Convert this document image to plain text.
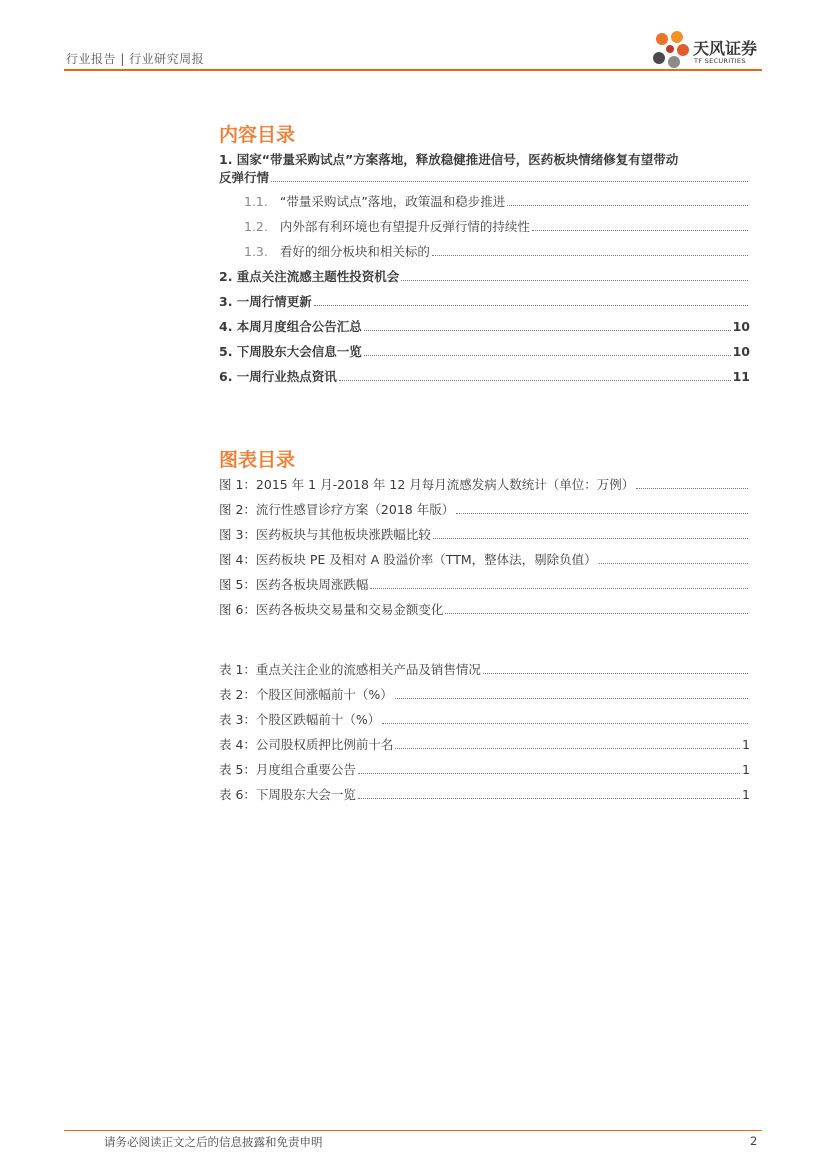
行业报告 | 行业研究周报
天风证券
TF SECURITIES
内容目录
1. 国家“带量采购试点”方案落地，释放稳健推进信号，医药板块情绪修复有望带动
反弹行情
1.1. “带量采购试点”落地，政策温和稳步推进
1.2. 内外部有利环境也有望提升反弹行情的持续性
1.3. 看好的细分板块和相关标的
2. 重点关注流感主题性投资机会
3. 一周行情更新
4. 本周月度组合公告汇总	10
5. 下周股东大会信息一览	10
6. 一周行业热点资讯	11
图表目录
图 1：2015 年 1 月-2018 年 12 月每月流感发病人数统计（单位：万例）
图 2：流行性感冒诊疗方案（2018 年版）
图 3：医药板块与其他板块涨跌幅比较
图 4：医药板块 PE 及相对 A 股溢价率（TTM，整体法，剔除负值）
图 5：医药各板块周涨跌幅
图 6：医药各板块交易量和交易金额变化
表 1：重点关注企业的流感相关产品及销售情况
表 2：个股区间涨幅前十（%）
表 3：个股区跌幅前十（%）
表 4：公司股权质押比例前十名	1
表 5：月度组合重要公告	1
表 6：下周股东大会一览	1
请务必阅读正文之后的信息披露和免责申明	2
